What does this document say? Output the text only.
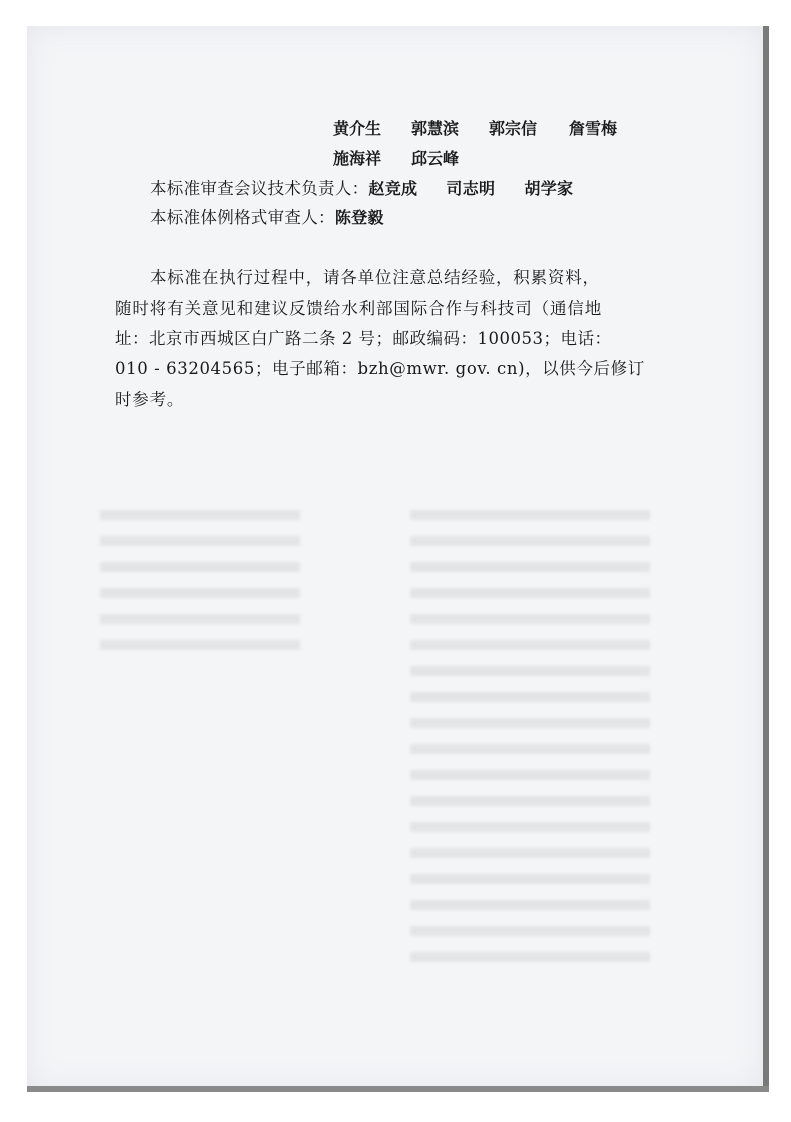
黄介生 郭慧滨 郭宗信 詹雪梅
施海祥 邱云峰
本标准审查会议技术负责人：赵竞成 司志明 胡学家
本标准体例格式审查人：陈登毅
本标准在执行过程中，请各单位注意总结经验，积累资料，
随时将有关意见和建议反馈给水利部国际合作与科技司（通信地
址：北京市西城区白广路二条 2 号；邮政编码：100053；电话：
010 - 63204565；电子邮箱：bzh@mwr. gov. cn)，以供今后修订
时参考。
